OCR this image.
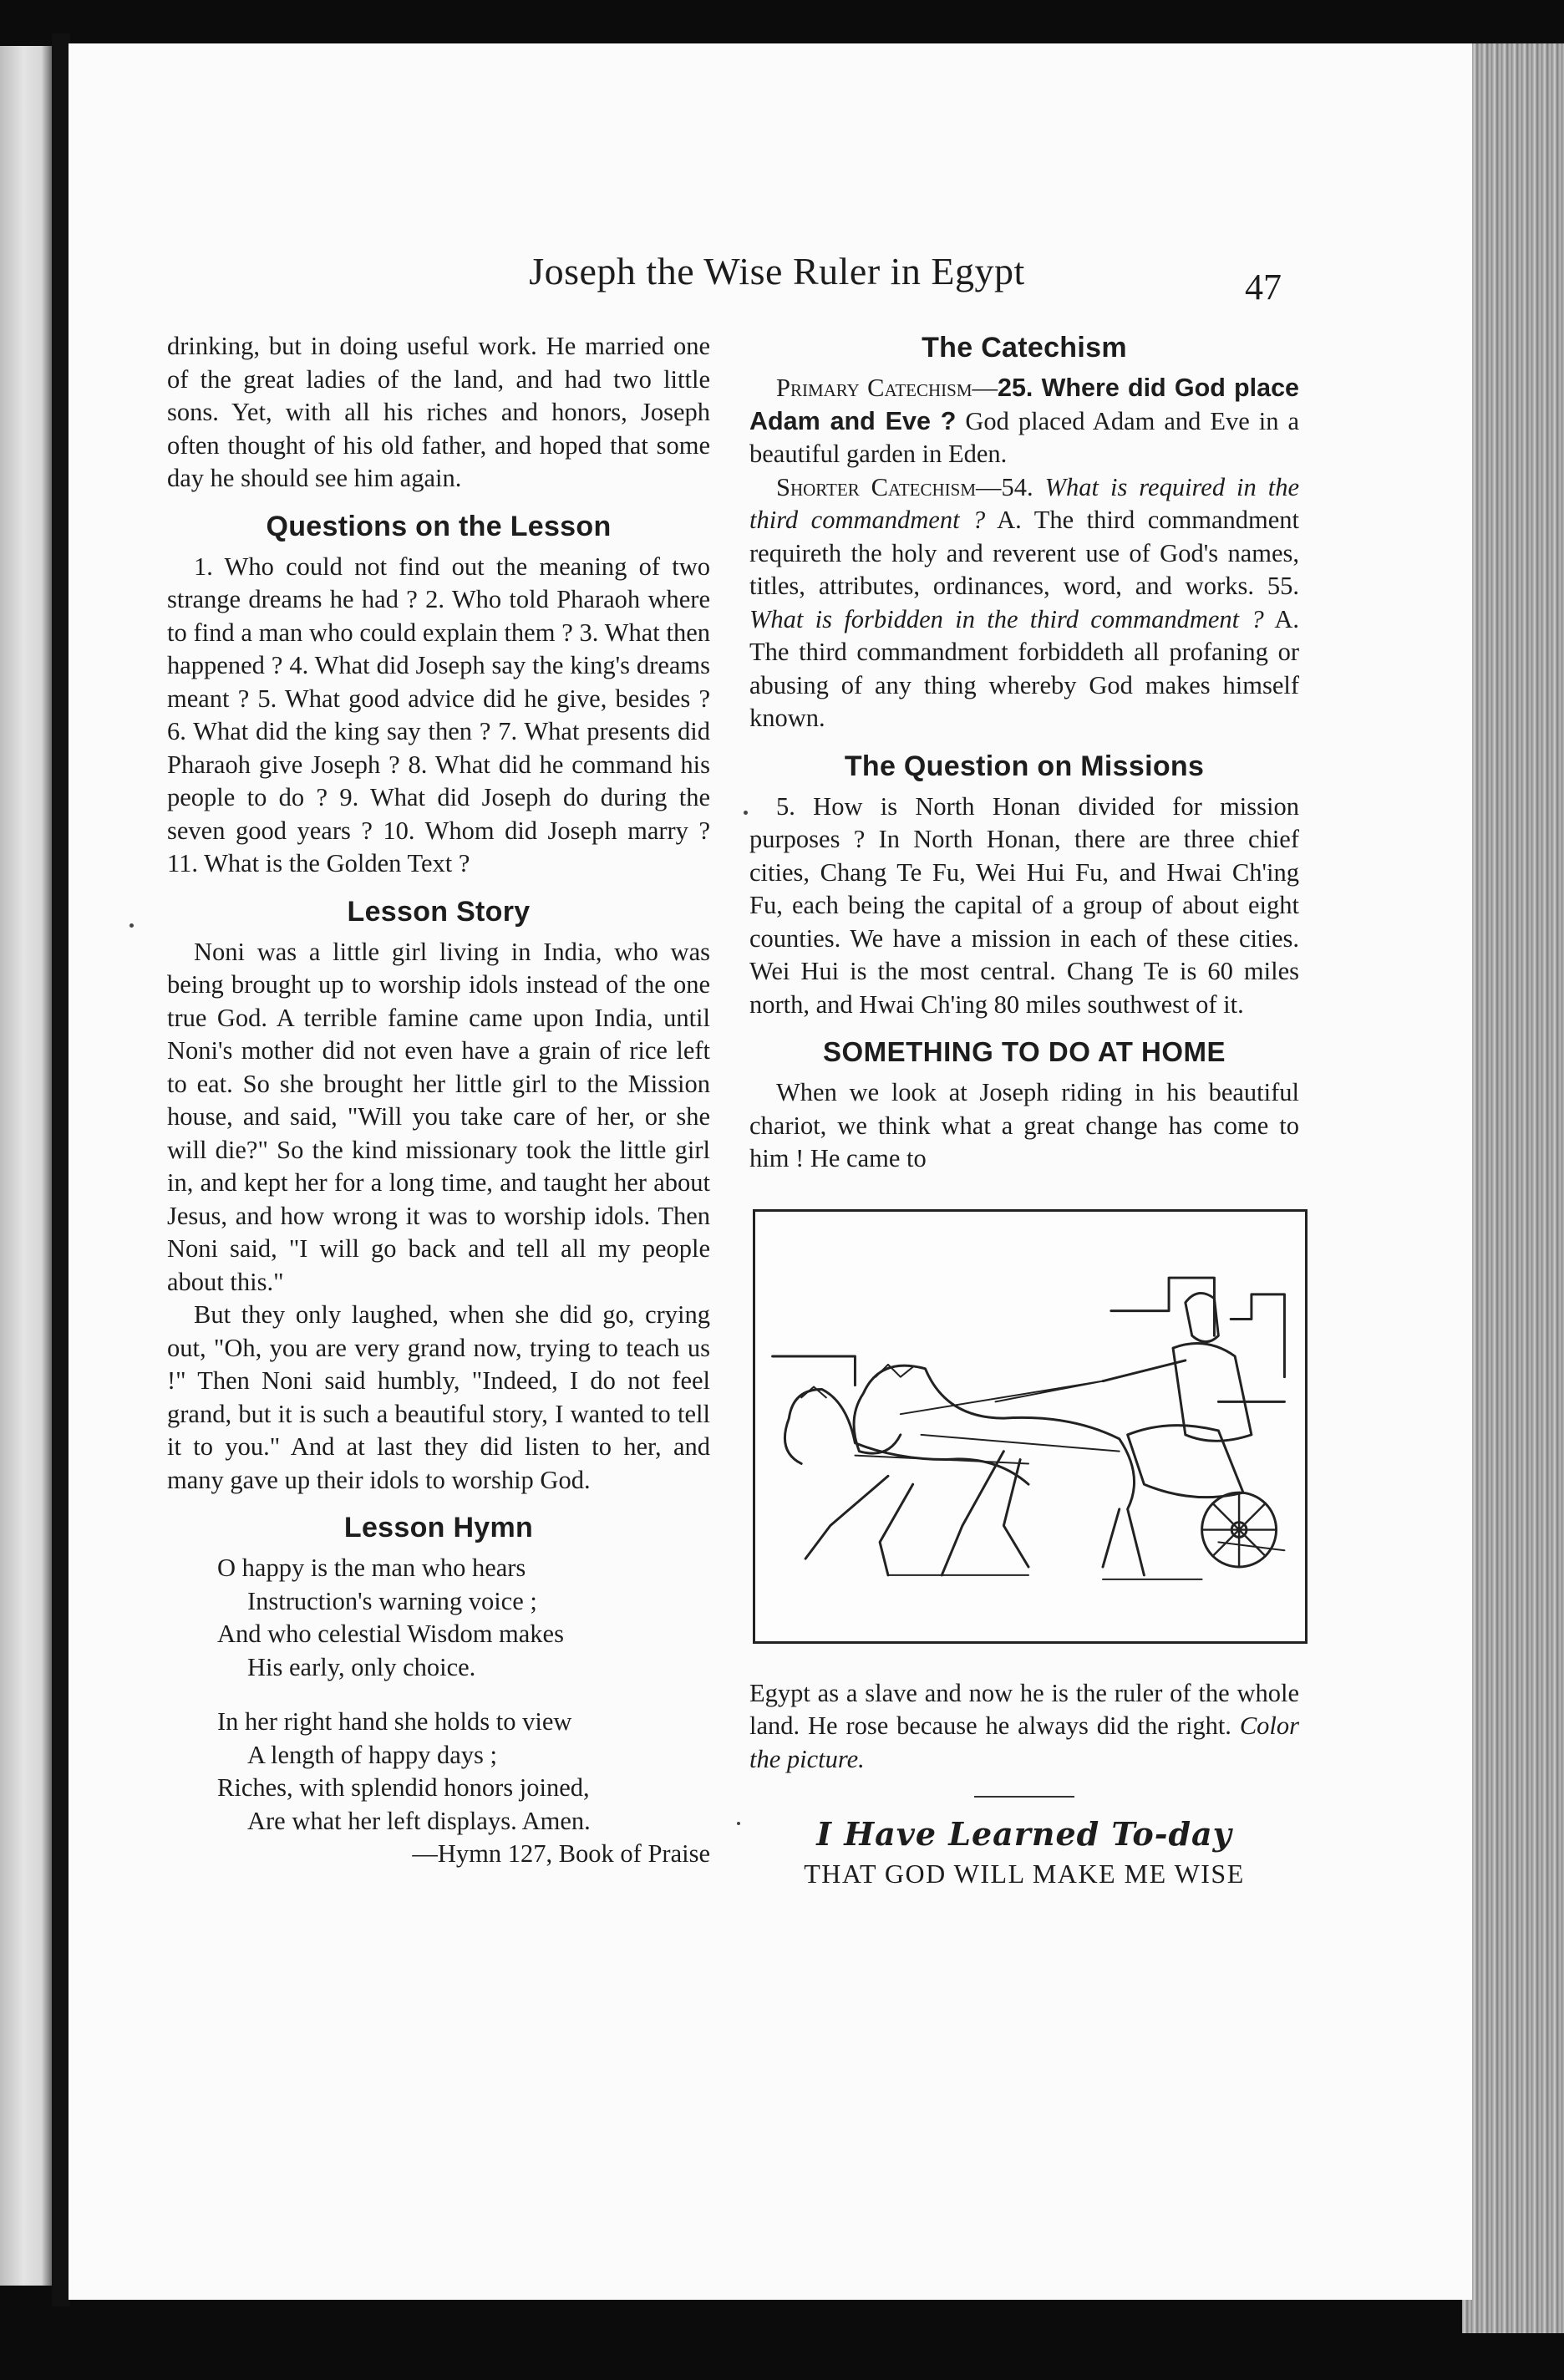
Joseph the Wise Ruler in Egypt	47

drinking, but in doing useful work. He married one of the great ladies of the land, and had two little sons. Yet, with all his riches and honors, Joseph often thought of his old father, and hoped that some day he should see him again.

Questions on the Lesson

1. Who could not find out the meaning of two strange dreams he had ? 2. Who told Pharaoh where to find a man who could explain them ? 3. What then happened ? 4. What did Joseph say the king's dreams meant ? 5. What good advice did he give, besides ? 6. What did the king say then ? 7. What presents did Pharaoh give Joseph ? 8. What did he command his people to do ? 9. What did Joseph do during the seven good years ? 10. Whom did Joseph marry ? 11. What is the Golden Text ?

Lesson Story

Noni was a little girl living in India, who was being brought up to worship idols instead of the one true God. A terrible famine came upon India, until Noni's mother did not even have a grain of rice left to eat. So she brought her little girl to the Mission house, and said, "Will you take care of her, or she will die?" So the kind missionary took the little girl in, and kept her for a long time, and taught her about Jesus, and how wrong it was to worship idols. Then Noni said, "I will go back and tell all my people about this."

But they only laughed, when she did go, crying out, "Oh, you are very grand now, trying to teach us !" Then Noni said humbly, "Indeed, I do not feel grand, but it is such a beautiful story, I wanted to tell it to you." And at last they did listen to her, and many gave up their idols to worship God.

Lesson Hymn
O happy is the man who hears
Instruction's warning voice ;
And who celestial Wisdom makes
His early, only choice.
In her right hand she holds to view
A length of happy days ;
Riches, with splendid honors joined,
Are what her left displays. Amen.

—Hymn 127, Book of Praise

The Catechism

Primary Catechism—25. Where did God place Adam and Eve ? God placed Adam and Eve in a beautiful garden in Eden.

Shorter Catechism—54. What is required in the third commandment ? A. The third commandment requireth the holy and reverent use of God's names, titles, attributes, ordinances, word, and works. 55. What is forbidden in the third commandment ? A. The third commandment forbiddeth all profaning or abusing of any thing whereby God makes himself known.

The Question on Missions

5. How is North Honan divided for mission purposes ? In North Honan, there are three chief cities, Chang Te Fu, Wei Hui Fu, and Hwai Ch'ing Fu, each being the capital of a group of about eight counties. We have a mission in each of these cities. Wei Hui is the most central. Chang Te is 60 miles north, and Hwai Ch'ing 80 miles southwest of it.

SOMETHING TO DO AT HOME

When we look at Joseph riding in his beautiful chariot, we think what a great change has come to him ! He came to

Egypt as a slave and now he is the ruler of the whole land. He rose because he always did the right. Color the picture.

I Have Learned To-day

THAT GOD WILL MAKE ME WISE
